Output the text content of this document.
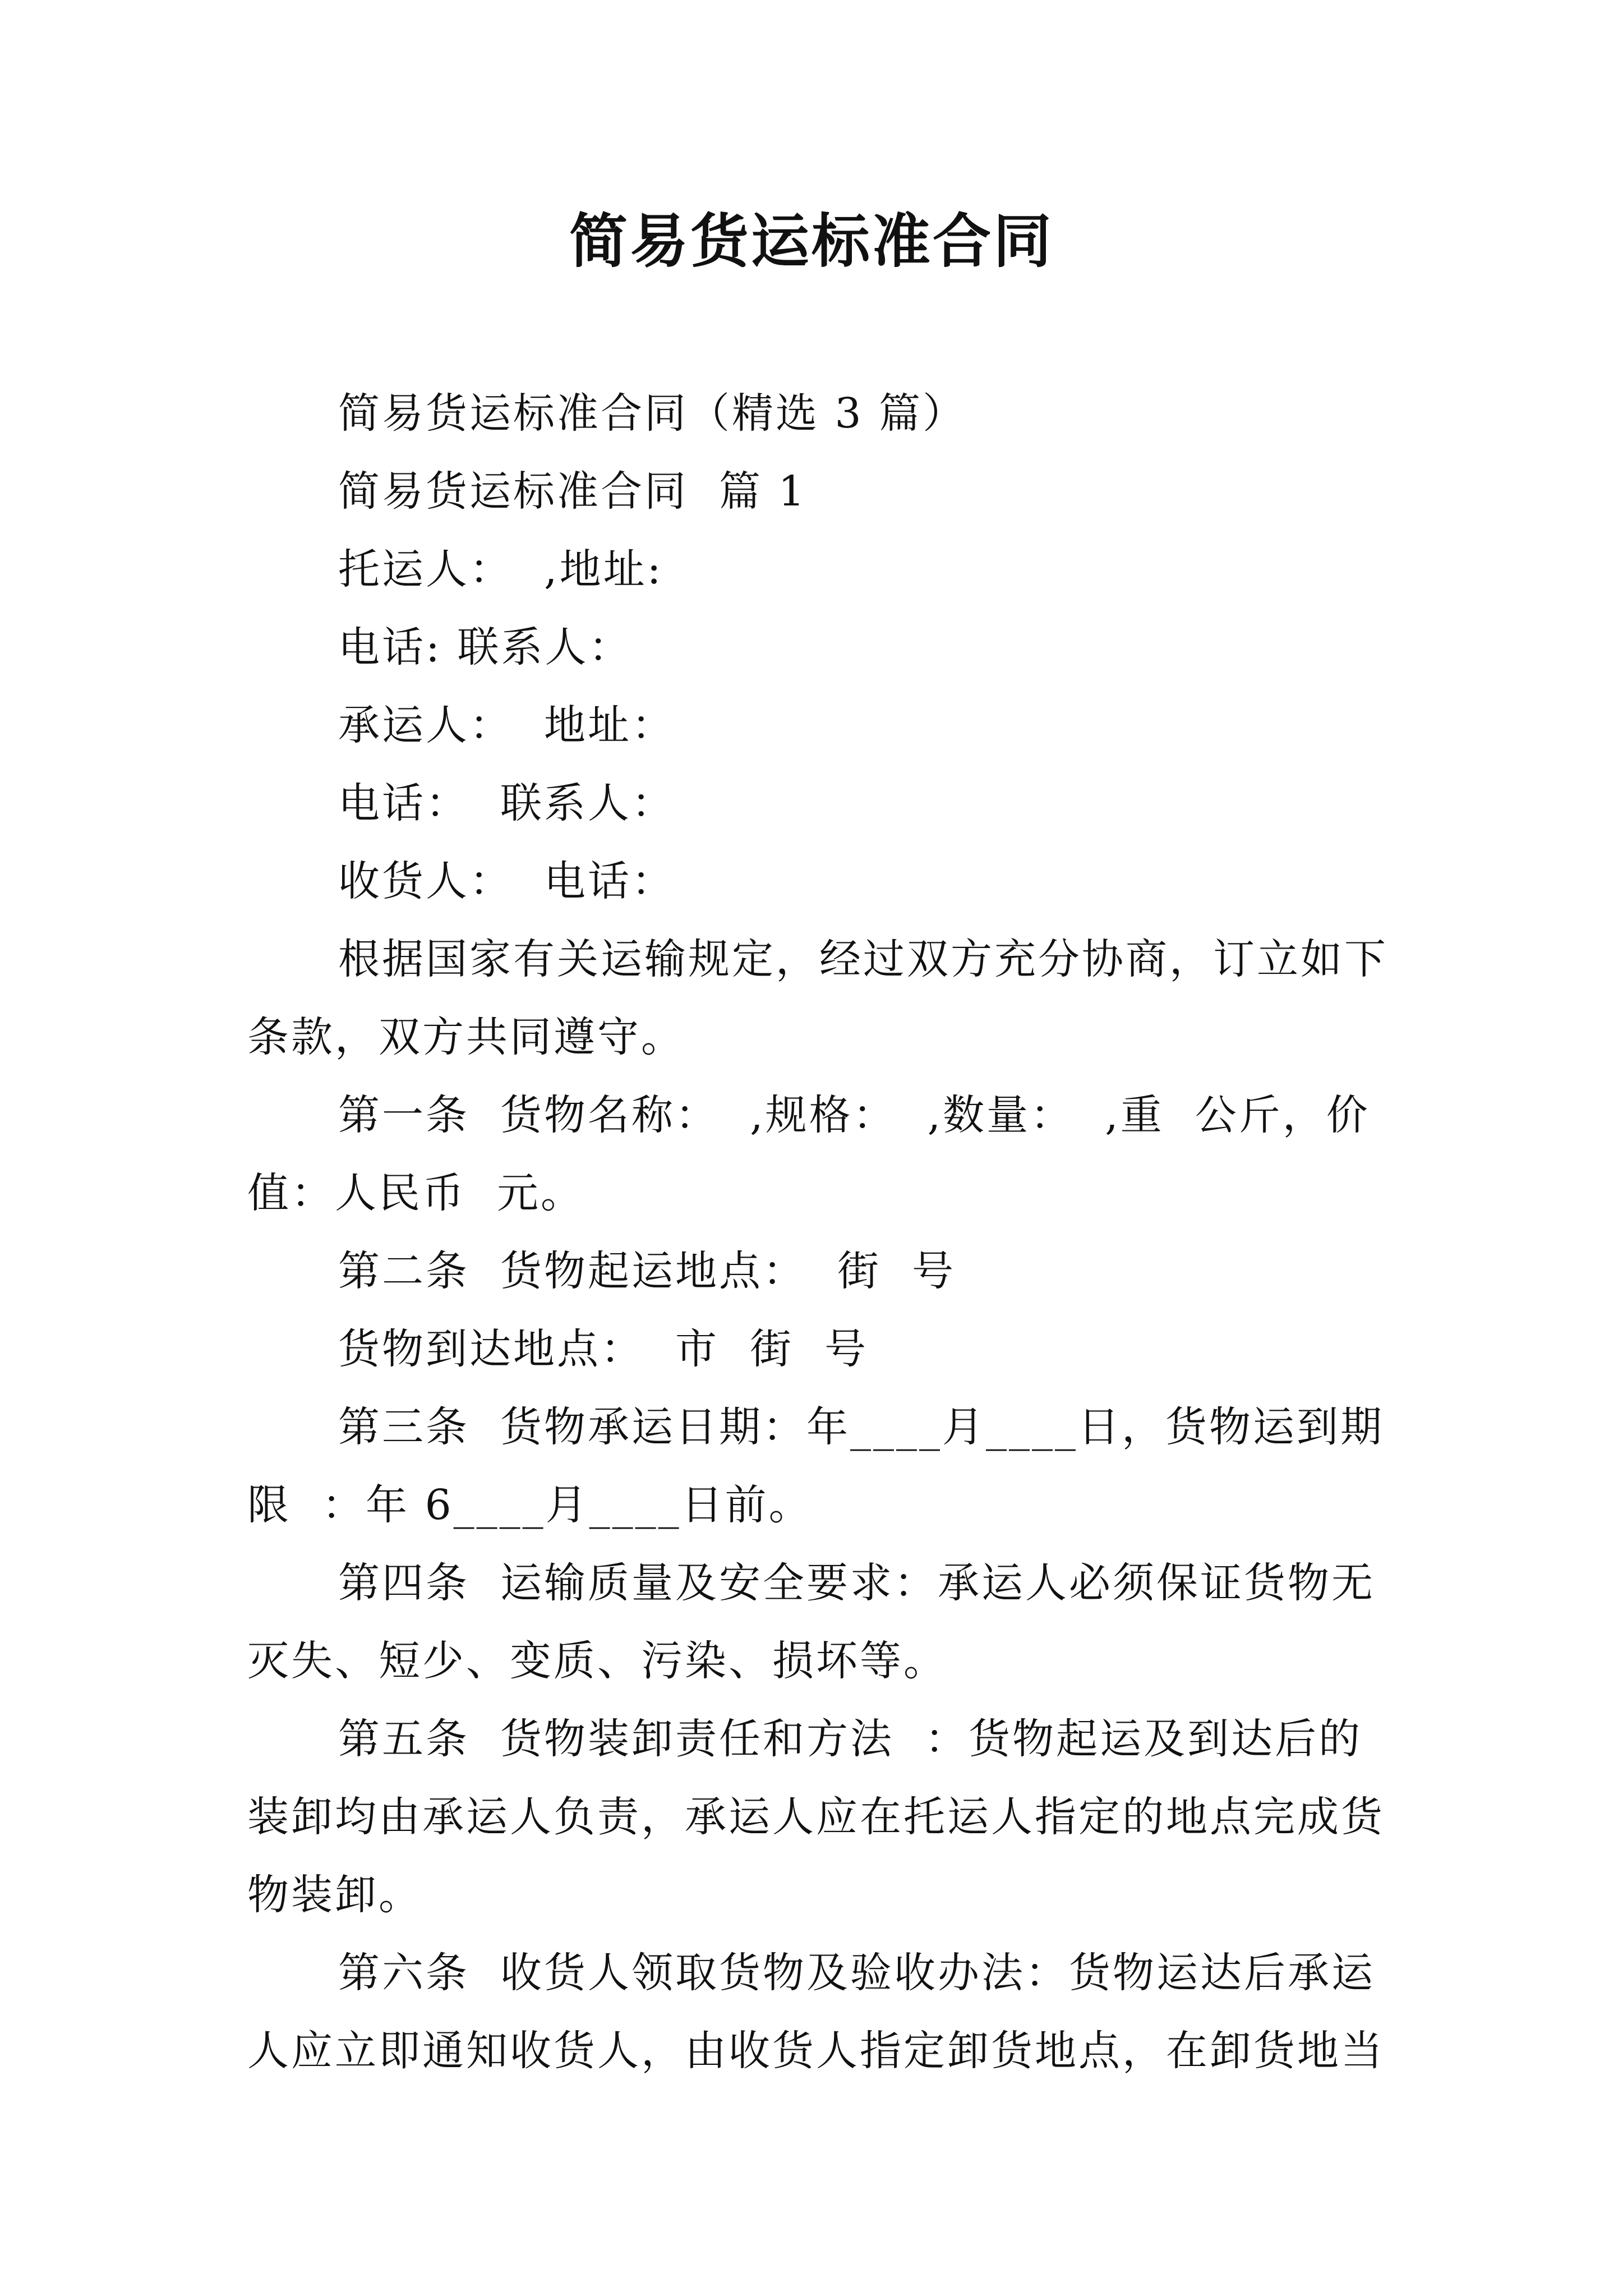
简易货运标准合同

简易货运标准合同（精选 3 篇）

简易货运标准合同  篇 1

托运人：  ,地址:

电话: 联系人：

承运人：  地址：

电话：  联系人：

收货人：  电话：

根据国家有关运输规定，经过双方充分协商，订立如下条款，双方共同遵守。

第一条  货物名称：  ,规格：  ,数量：  ,重  公斤，价值：人民币  元。

第二条  货物起运地点：  街  号

货物到达地点：  市  街  号

第三条  货物承运日期：年____月____日，货物运到期限  ：年 6____月____日前。

第四条  运输质量及安全要求：承运人必须保证货物无灭失、短少、变质、污染、损坏等。

第五条  货物装卸责任和方法  ：货物起运及到达后的装卸均由承运人负责，承运人应在托运人指定的地点完成货物装卸。

第六条  收货人领取货物及验收办法：货物运达后承运人应立即通知收货人，由收货人指定卸货地点，在卸货地当
